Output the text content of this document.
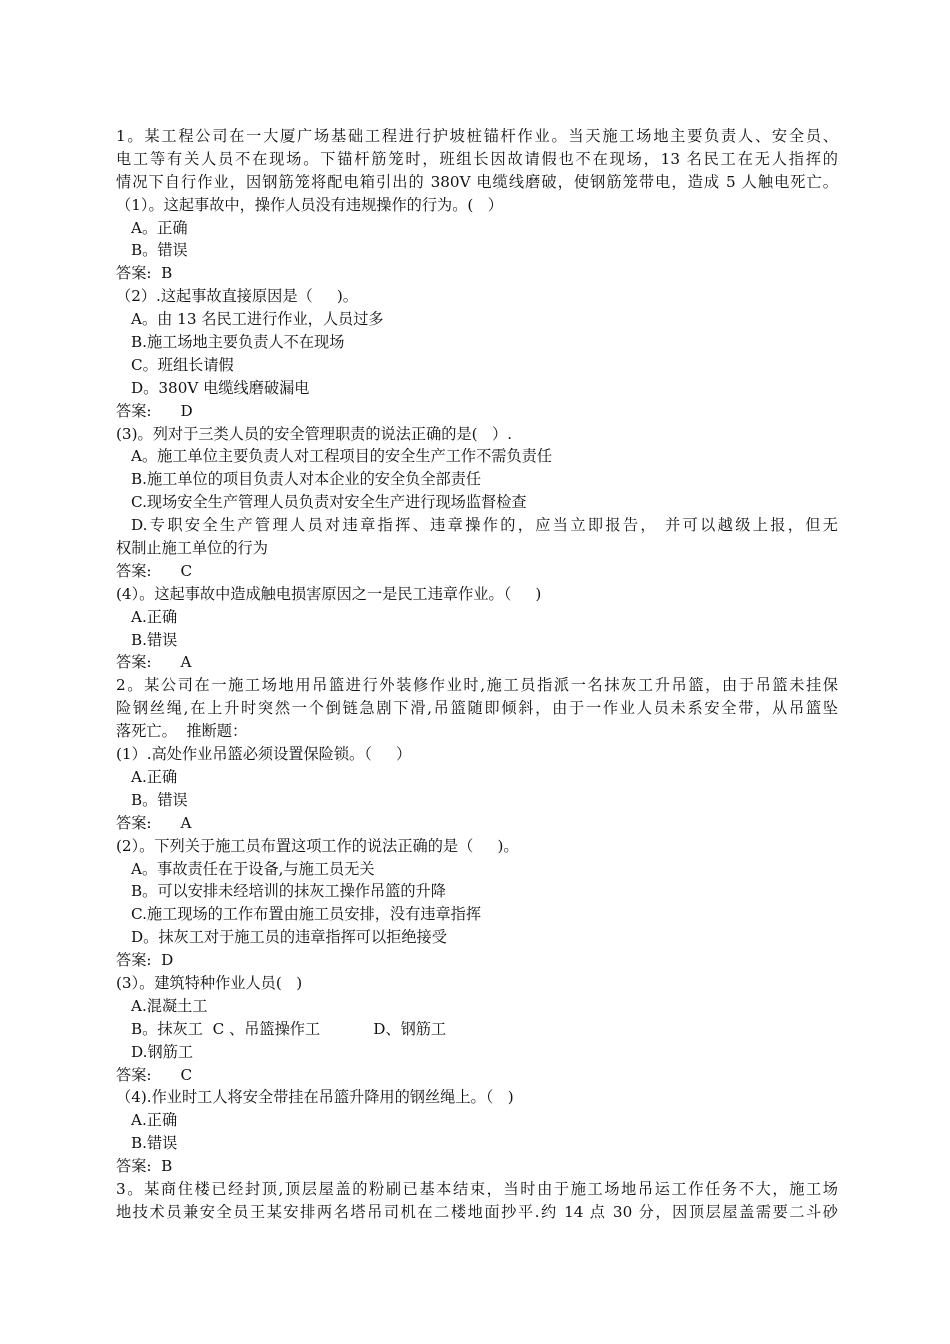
1。某工程公司在一大厦广场基础工程进行护坡桩锚杆作业。当天施工场地主要负责人、安全员、
电工等有关人员不在现场。下锚杆筋笼时，班组长因故请假也不在现场，13 名民工在无人指挥的
情况下自行作业，因钢筋笼将配电箱引出的 380V 电缆线磨破，使钢筋笼带电，造成 5 人触电死亡。
（1）。这起事故中，操作人员没有违规操作的行为。(   ）
A。正确
B。错误
答案:  B
（2）.这起事故直接原因是（     )。
A。由 13 名民工进行作业，人员过多
B.施工场地主要负责人不在现场
C。班组长请假
D。380V 电缆线磨破漏电
答案:      D
(3)。列对于三类人员的安全管理职责的说法正确的是(   ）.
A。施工单位主要负责人对工程项目的安全生产工作不需负责任
B.施工单位的项目负责人对本企业的安全负全部责任
C.现场安全生产管理人员负责对安全生产进行现场监督检查
D.专职安全生产管理人员对违章指挥、违章操作的，应当立即报告， 并可以越级上报，但无
权制止施工单位的行为
答案:      C
(4）。这起事故中造成触电损害原因之一是民工违章作业。（     )
A.正确
B.错误
答案:      A
2。某公司在一施工场地用吊篮进行外装修作业时,施工员指派一名抹灰工升吊篮，由于吊篮未挂保
险钢丝绳,在上升时突然一个倒链急剧下滑,吊篮随即倾斜，由于一作业人员未系安全带，从吊篮坠
落死亡。  推断题：
(1）.高处作业吊篮必须设置保险锁。（     ）
A.正确
B。错误
答案:      A
(2）。下列关于施工员布置这项工作的说法正确的是（     )。
A。事故责任在于设备,与施工员无关
B。可以安排未经培训的抹灰工操作吊篮的升降
C.施工现场的工作布置由施工员安排，没有违章指挥
D。抹灰工对于施工员的违章指挥可以拒绝接受
答案:  D
(3）。建筑特种作业人员(   )
A.混凝土工
B。抹灰工  C 、吊篮操作工           D、钢筋工
D.钢筋工
答案:      C
（4).作业时工人将安全带挂在吊篮升降用的钢丝绳上。（   )
A.正确
B.错误
答案:  B
3。某商住楼已经封顶,顶层屋盖的粉刷已基本结束，当时由于施工场地吊运工作任务不大，施工场
地技术员兼安全员王某安排两名塔吊司机在二楼地面抄平.约 14 点 30 分，因顶层屋盖需要二斗砂
